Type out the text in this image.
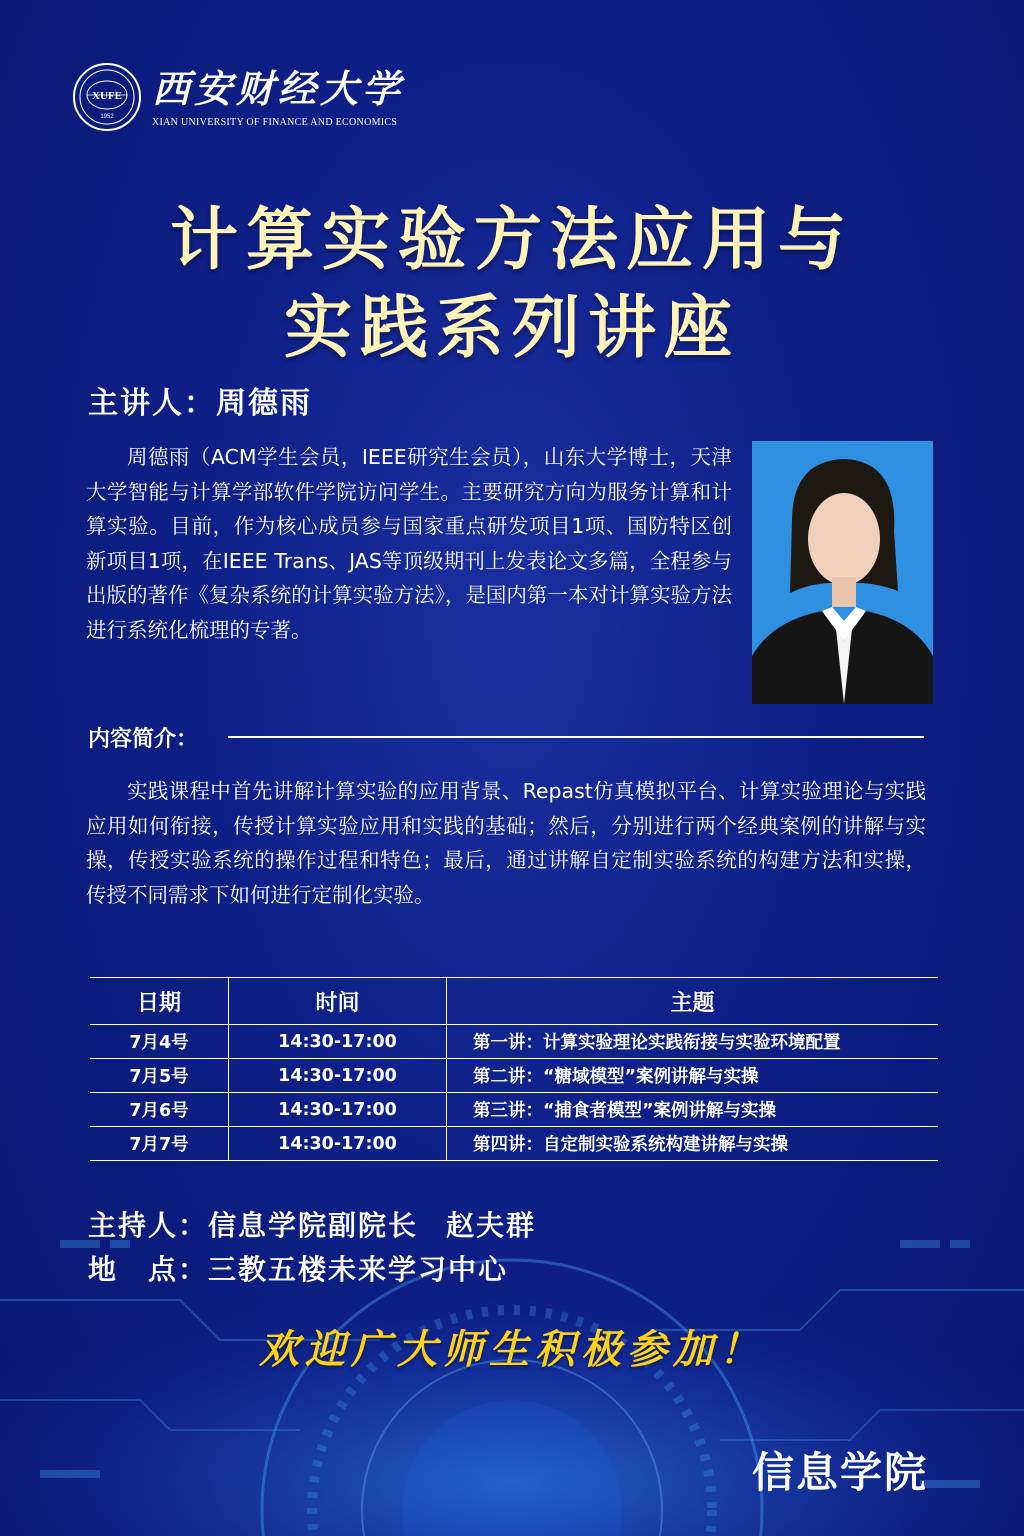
XUFE
1952
西安财经大学
XIAN UNIVERSITY OF FINANCE AND ECONOMICS
计算实验方法应用与
实践系列讲座
主讲人：周德雨

周德雨（ACM学生会员，IEEE研究生会员），山东大学博士，天津大学智能与计算学部软件学院访问学生。主要研究方向为服务计算和计算实验。目前，作为核心成员参与国家重点研发项目1项、国防特区创新项目1项，在IEEE Trans、JAS等顶级期刊上发表论文多篇，全程参与出版的著作《复杂系统的计算实验方法》，是国内第一本对计算实验方法进行系统化梳理的专著。

内容简介：

实践课程中首先讲解计算实验的应用背景、Repast仿真模拟平台、计算实验理论与实践应用如何衔接，传授计算实验应用和实践的基础；然后，分别进行两个经典案例的讲解与实操，传授实验系统的操作过程和特色；最后，通过讲解自定制实验系统的构建方法和实操，传授不同需求下如何进行定制化实验。

日期	时间	主题
7月4号	14:30-17:00	第一讲：计算实验理论实践衔接与实验环境配置
7月5号	14:30-17:00	第二讲：“糖域模型”案例讲解与实操
7月6号	14:30-17:00	第三讲：“捕食者模型”案例讲解与实操
7月7号	14:30-17:00	第四讲：自定制实验系统构建讲解与实操
主持人：信息学院副院长 赵夫群
地　点：三教五楼未来学习中心
欢迎广大师生积极参加！
信息学院
